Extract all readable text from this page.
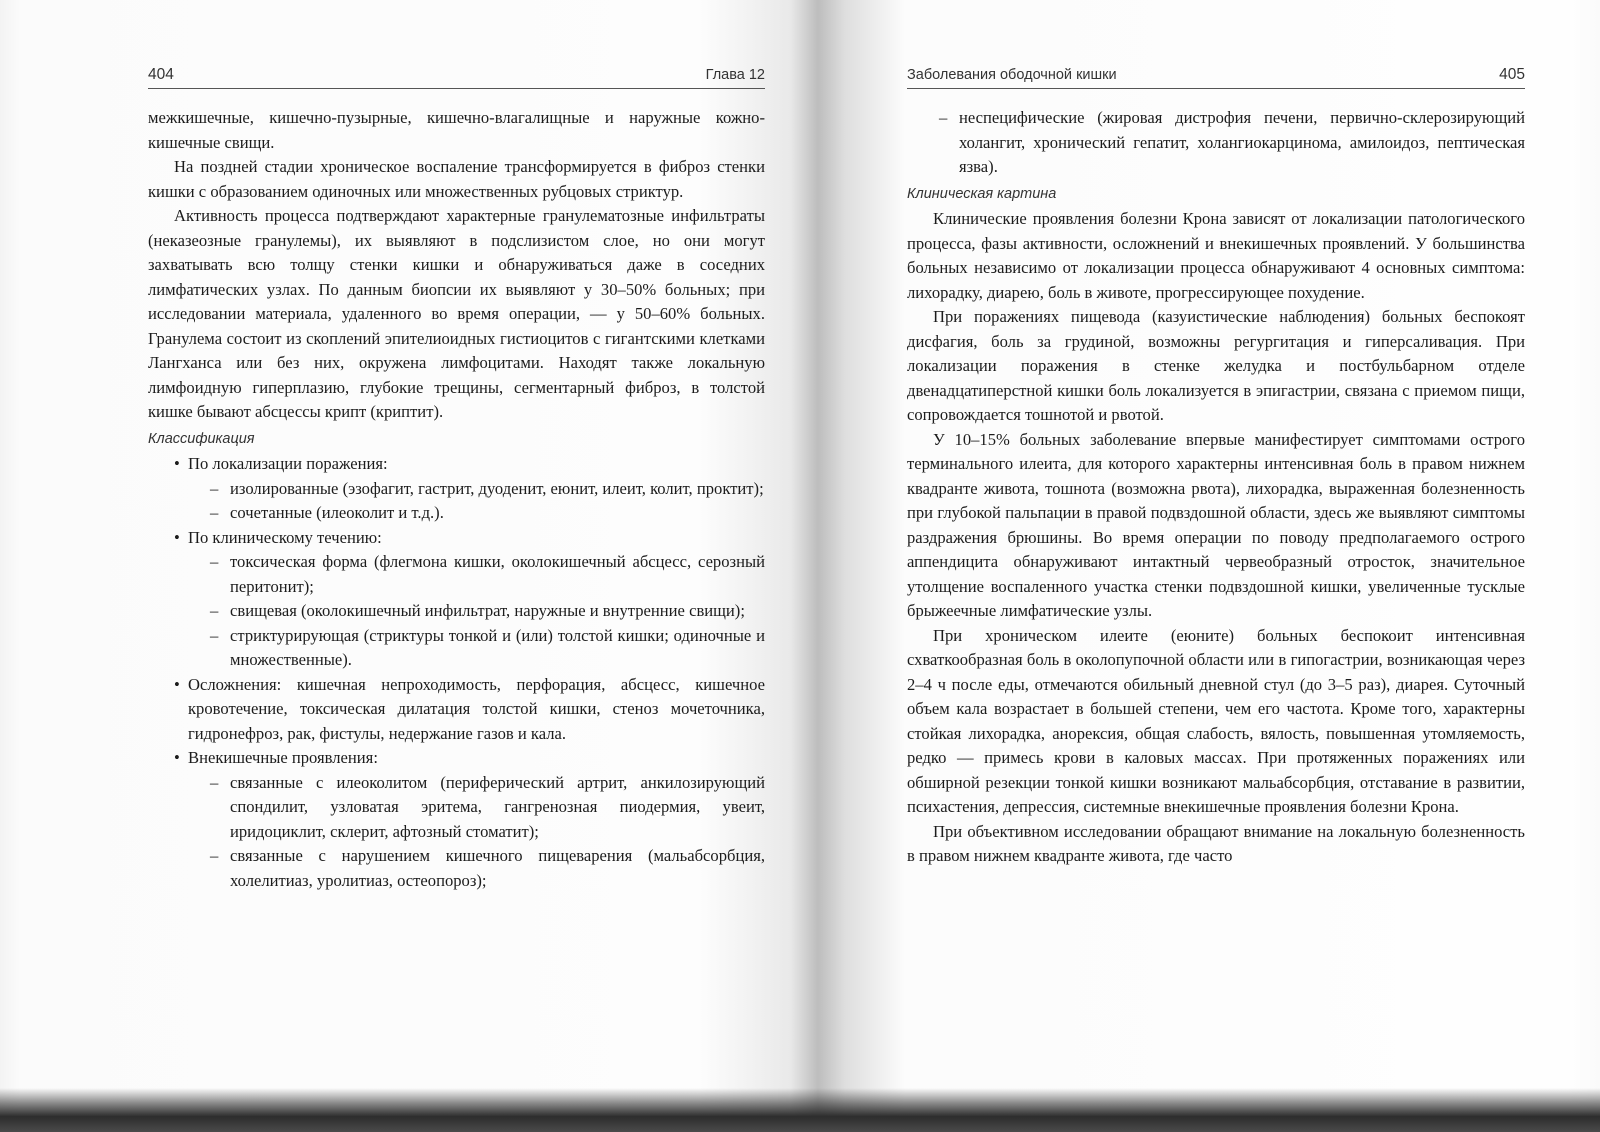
404	Глава 12

межкишечные, кишечно-пузырные, кишечно-влагалищные и наружные кожно-кишечные свищи.

На поздней стадии хроническое воспаление трансформируется в фиброз стенки кишки с образованием одиночных или множественных рубцовых стриктур.

Активность процесса подтверждают характерные гранулематозные инфильтраты (неказеозные гранулемы), их выявляют в подслизистом слое, но они могут захватывать всю толщу стенки кишки и обнаруживаться даже в соседних лимфатических узлах. По данным биопсии их выявляют у 30–50% больных; при исследовании материала, удаленного во время операции, — у 50–60% больных. Гранулема состоит из скоплений эпителиоидных гистиоцитов с гигантскими клетками Лангханса или без них, окружена лимфоцитами. Находят также локальную лимфоидную гиперплазию, глубокие трещины, сегментарный фиброз, в толстой кишке бывают абсцессы крипт (криптит).

Классификация
• По локализации поражения:
– изолированные (эзофагит, гастрит, дуоденит, еюнит, илеит, колит, проктит);
– сочетанные (илеоколит и т.д.).
• По клиническому течению:
– токсическая форма (флегмона кишки, околокишечный абсцесс, серозный перитонит);
– свищевая (околокишечный инфильтрат, наружные и внутренние свищи);
– стриктурирующая (стриктуры тонкой и (или) толстой кишки; одиночные и множественные).
• Осложнения: кишечная непроходимость, перфорация, абсцесс, кишечное кровотечение, токсическая дилатация толстой кишки, стеноз мочеточника, гидронефроз, рак, фистулы, недержание газов и кала.
• Внекишечные проявления:
– связанные с илеоколитом (периферический артрит, анкилозирующий спондилит, узловатая эритема, гангренозная пиодермия, увеит, иридоциклит, склерит, афтозный стоматит);
– связанные с нарушением кишечного пищеварения (мальабсорбция, холелитиаз, уролитиаз, остеопороз);
Заболевания ободочной кишки	405
– неспецифические (жировая дистрофия печени, первично-склерозирующий холангит, хронический гепатит, холангиокарцинома, амилоидоз, пептическая язва).
Клиническая картина

Клинические проявления болезни Крона зависят от локализации патологического процесса, фазы активности, осложнений и внекишечных проявлений. У большинства больных независимо от локализации процесса обнаруживают 4 основных симптома: лихорадку, диарею, боль в животе, прогрессирующее похудение.

При поражениях пищевода (казуистические наблюдения) больных беспокоят дисфагия, боль за грудиной, возможны регургитация и гиперсаливация. При локализации поражения в стенке желудка и постбульбарном отделе двенадцатиперстной кишки боль локализуется в эпигастрии, связана с приемом пищи, сопровождается тошнотой и рвотой.

У 10–15% больных заболевание впервые манифестирует симптомами острого терминального илеита, для которого характерны интенсивная боль в правом нижнем квадранте живота, тошнота (возможна рвота), лихорадка, выраженная болезненность при глубокой пальпации в правой подвздошной области, здесь же выявляют симптомы раздражения брюшины. Во время операции по поводу предполагаемого острого аппендицита обнаруживают интактный червеобразный отросток, значительное утолщение воспаленного участка стенки подвздошной кишки, увеличенные тусклые брыжеечные лимфатические узлы.

При хроническом илеите (еюните) больных беспокоит интенсивная схваткообразная боль в околопупочной области или в гипогастрии, возникающая через 2–4 ч после еды, отмечаются обильный дневной стул (до 3–5 раз), диарея. Суточный объем кала возрастает в большей степени, чем его частота. Кроме того, характерны стойкая лихорадка, анорексия, общая слабость, вялость, повышенная утомляемость, редко — примесь крови в каловых массах. При протяженных поражениях или обширной резекции тонкой кишки возникают мальабсорбция, отставание в развитии, психастения, депрессия, системные внекишечные проявления болезни Крона.

При объективном исследовании обращают внимание на локальную болезненность в правом нижнем квадранте живота, где часто
